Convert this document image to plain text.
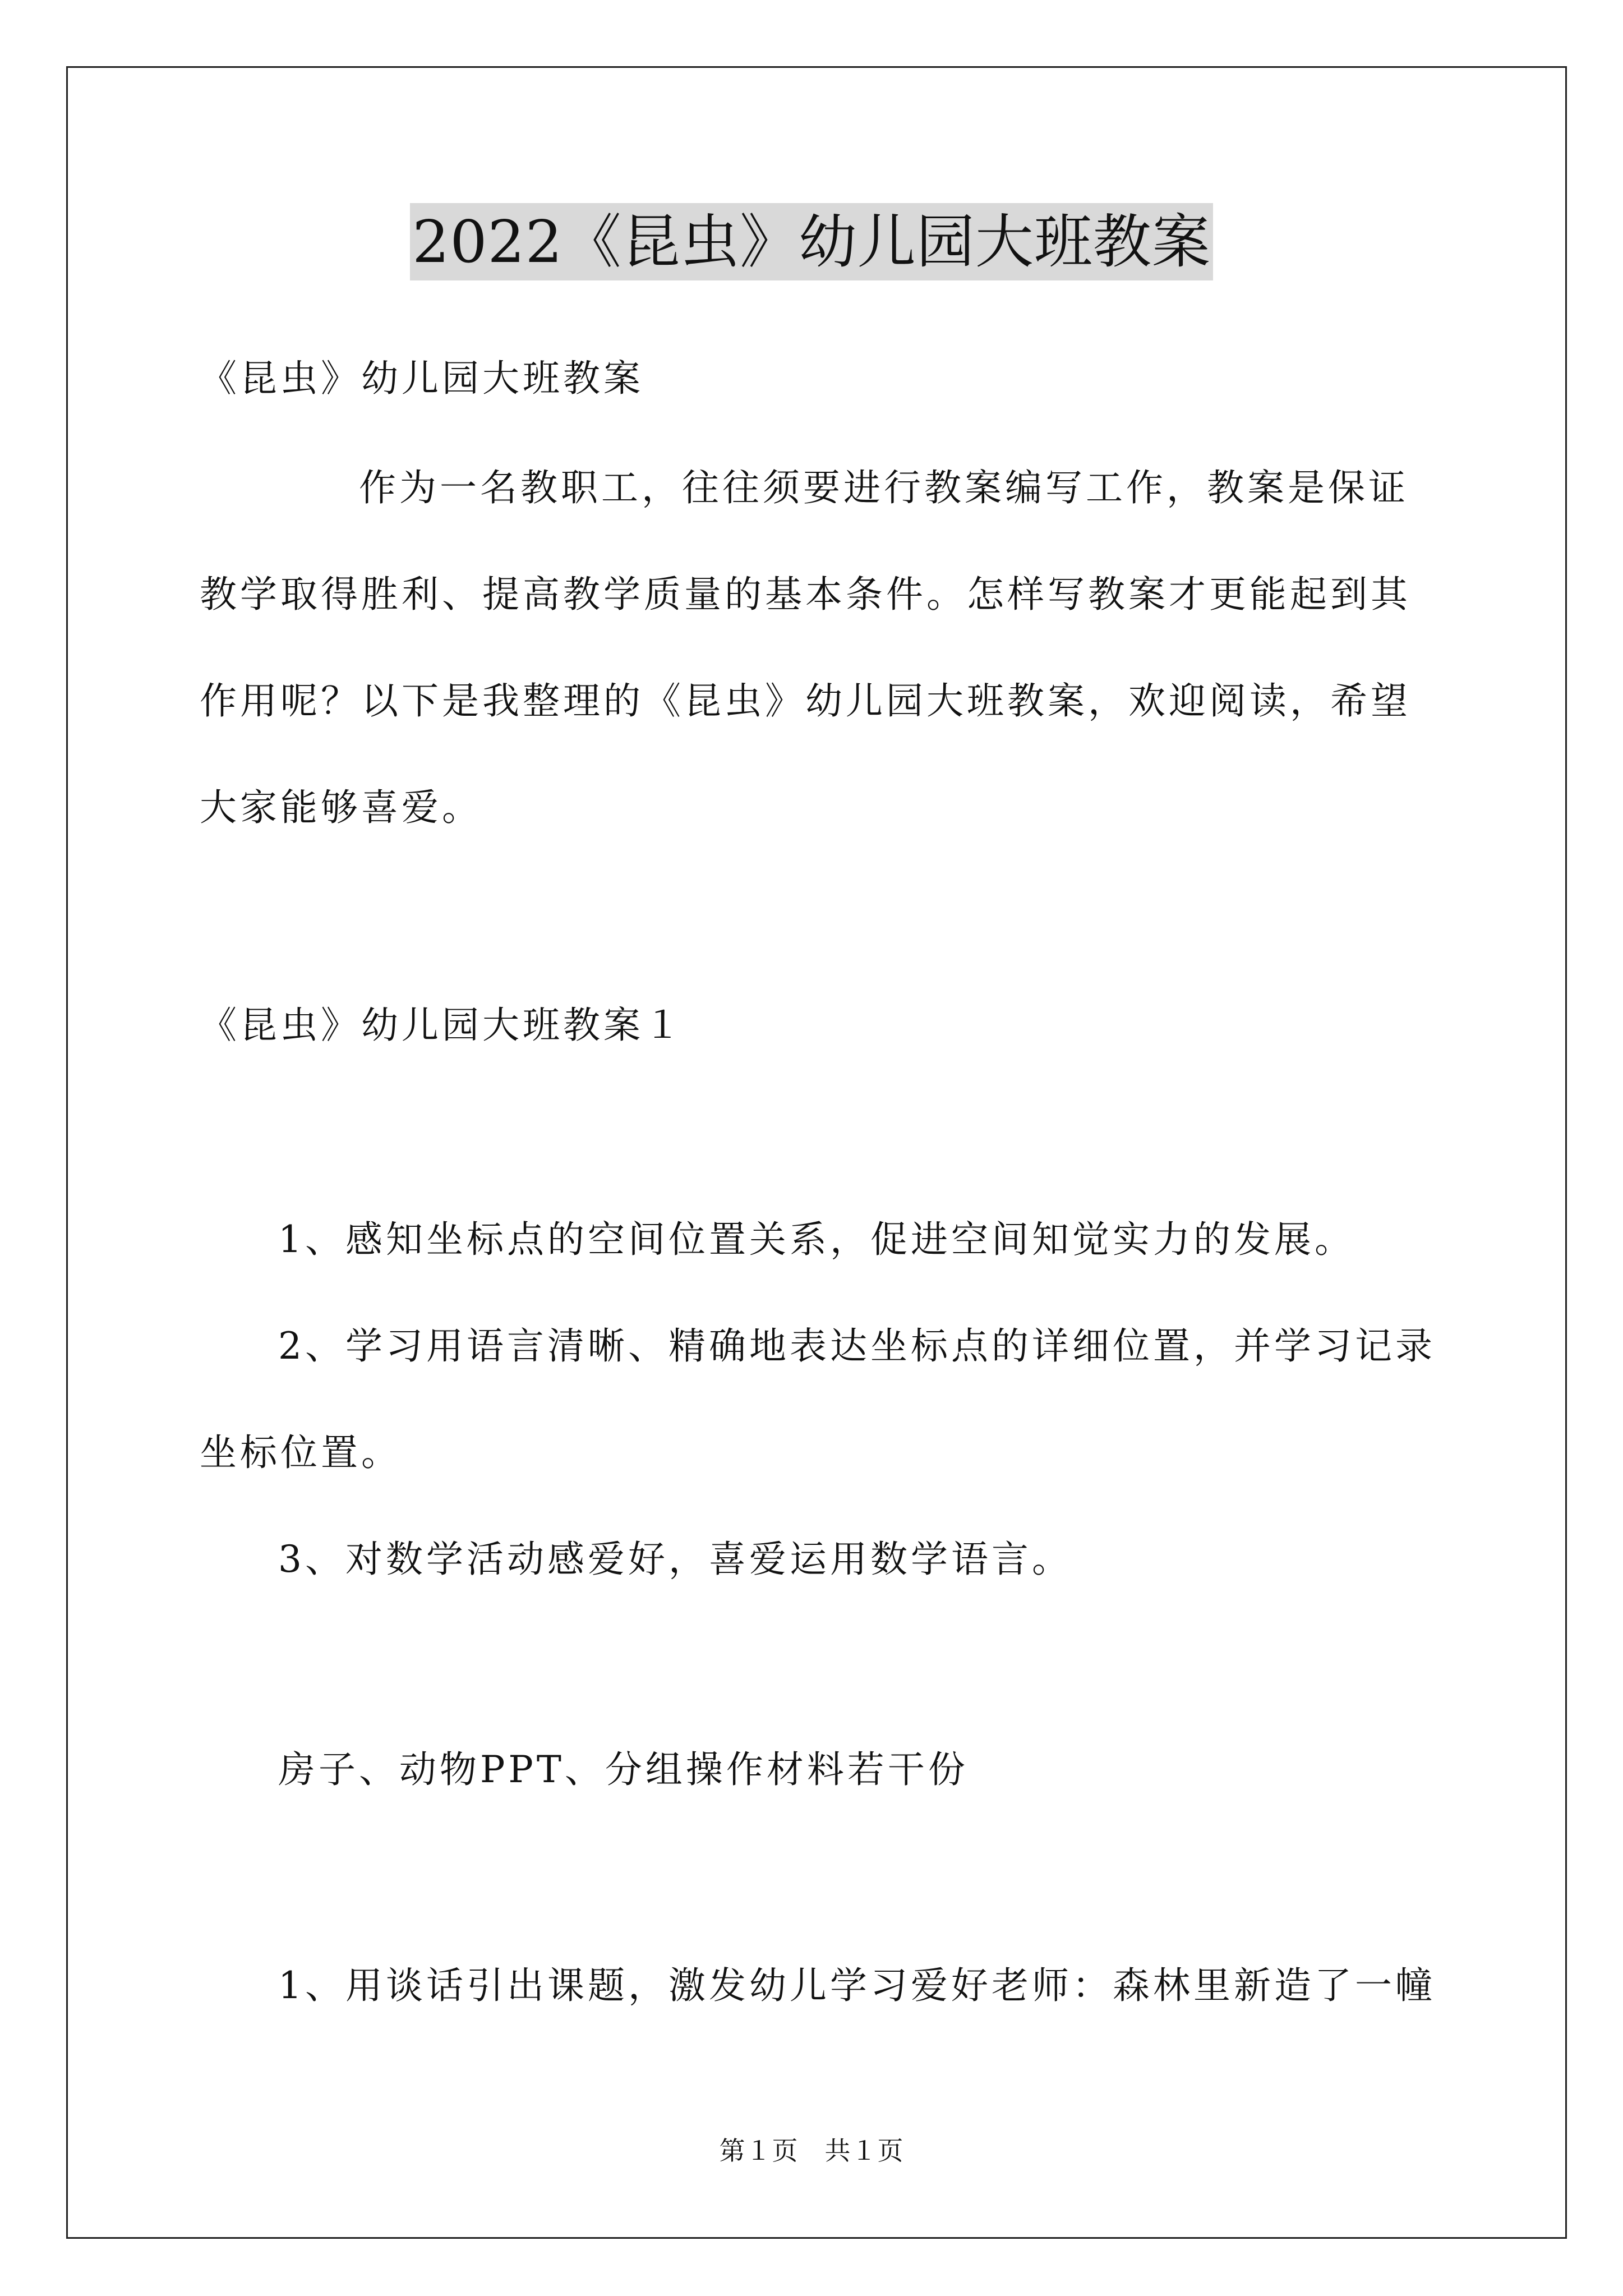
2022《昆虫》幼儿园大班教案
《昆虫》幼儿园大班教案
作为一名教职工，往往须要进行教案编写工作，教案是保证
教学取得胜利、提高教学质量的基本条件。怎样写教案才更能起到其
作用呢？以下是我整理的《昆虫》幼儿园大班教案，欢迎阅读，希望
大家能够喜爱。
《昆虫》幼儿园大班教案１
1、感知坐标点的空间位置关系，促进空间知觉实力的发展。
2、学习用语言清晰、精确地表达坐标点的详细位置，并学习记录
坐标位置。
3、对数学活动感爱好，喜爱运用数学语言。
房子、动物PPT、分组操作材料若干份
1、用谈话引出课题，激发幼儿学习爱好老师：森林里新造了一幢
第１页　共１页
